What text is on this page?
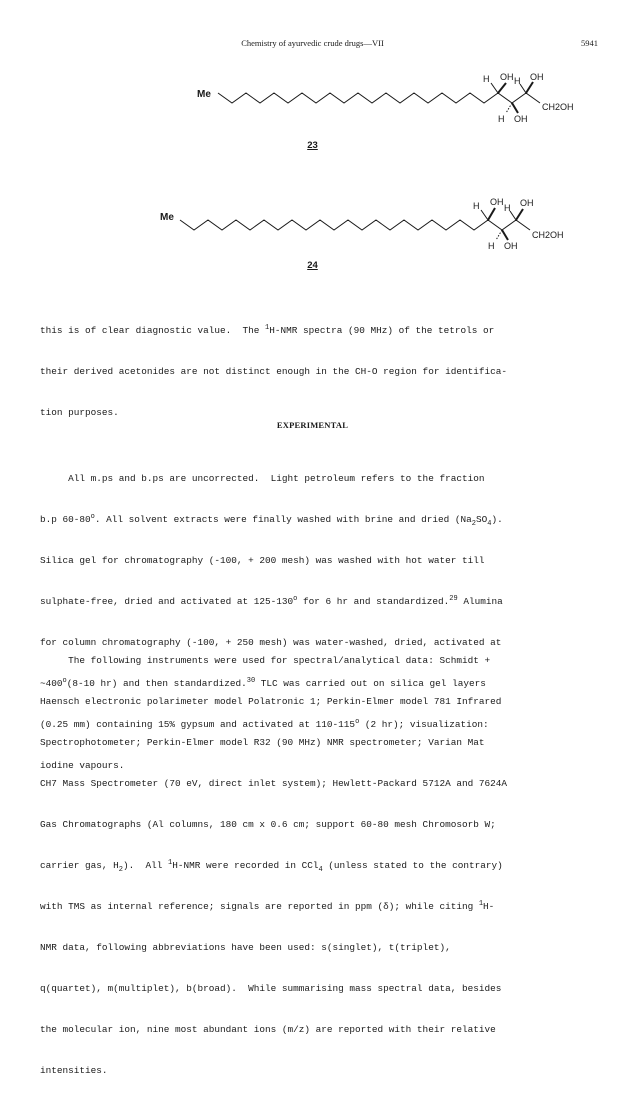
Chemistry of ayurvedic crude drugs—VII	5941
Me
H OH H OH
H OH
CH2OH
23
Me
H OH
H OH
H OH
CH2OH
24

this is of clear diagnostic value.  The $^1$H-NMR spectra (90 MHz) of the tetrols or

their derived acetonides are not distinct enough in the CH-O region for identifica-

tion purposes.

EXPERIMENTAL

All m.ps and b.ps are uncorrected.  Light petroleum refers to the fraction

b.p 60-80$^o$. All solvent extracts were finally washed with brine and dried $(Na_2SO_4)$.

Silica gel for chromatography (-100, + 200 mesh) was washed with hot water till

sulphate-free, dried and activated at 125-130$^o$ for 6 hr and standardized.$^{29}$ Alumina

for column chromatography (-100, + 250 mesh) was water-washed, dried, activated at

~400$^o$(8-10 hr) and then standardized.$^{30}$ TLC was carried out on silica gel layers

(0.25 mm) containing 15% gypsum and activated at 110-115$^o$ (2 hr); visualization:

iodine vapours.

The following instruments were used for spectral/analytical data: Schmidt +

Haensch electronic polarimeter model Polatronic 1; Perkin-Elmer model 781 Infrared

Spectrophotometer; Perkin-Elmer model R32 (90 MHz) NMR spectrometer; Varian Mat

CH7 Mass Spectrometer (70 eV, direct inlet system); Hewlett-Packard 5712A and 7624A

Gas Chromatographs (Al columns, 180 cm x 0.6 cm; support 60-80 mesh Chromosorb W;

carrier gas, $H_2$).  All $^1$H-NMR were recorded in CCl$_4$ (unless stated to the contrary)

with TMS as internal reference; signals are reported in ppm (δ); while citing $^1$H-

NMR data, following abbreviations have been used: s(singlet), t(triplet),

q(quartet), m(multiplet), b(broad).  While summarising mass spectral data, besides

the molecular ion, nine most abundant ions (m/z) are reported with their relative

intensities.
